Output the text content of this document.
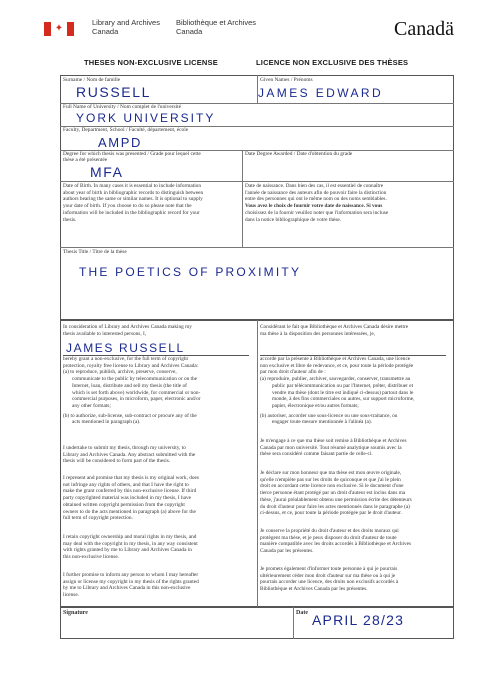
✦
Library and Archives
Canada
Bibliothèque et Archives
Canada	Canadä
THESES NON-EXCLUSIVE LICENSE	LICENCE NON EXCLUSIVE DES THÈSES
Surname / Nom de famille
RUSSELL
Given Names / Prénoms
JAMES EDWARD
Full Name of University / Nom complet de l'université
YORK UNIVERSITY
Faculty, Department, School / Faculté, département, école
AMPD
Degree for which thesis was presented / Grade pour lequel cette
thèse a été présentée
MFA
Date Degree Awarded / Date d'obtention du grade
Date of Birth. In many cases it is essential to include information
about year of birth in bibliographic records to distinguish between
authors bearing the same or similar names. It is optional to supply
your date of birth. If you choose to do so please note that the
information will be included in the bibliographic record for your
thesis.
Date de naissance. Dans bien des cas, il est essentiel de connaître
l'année de naissance des auteurs afin de pouvoir faire la distinction
entre des personnes qui ont le même nom ou des noms semblables.
Vous avez le choix de fournir votre date de naissance. Si vous
choisissez de la fournir veuillez noter que l'information sera incluse
dans la notice bibliographique de votre thèse.
Thesis Title / Titre de la thèse
THE POETICS OF PROXIMITY
In consideration of Library and Archives Canada making my
thesis available to interested persons, I,
JAMES RUSSELL
hereby grant a non-exclusive, for the full term of copyright
protection, royalty free license to Library and Archives Canada:
(a) to reproduce, publish, archive, preserve, conserve,
communicate to the public by telecommunication or on the
Internet, loan, distribute and sell my thesis (the title of
which is set forth above) worldwide, for commercial or non-
commercial purposes, in microform, paper, electronic and/or
any other formats;
(b) to authorize, sub-license, sub-contract or procure any of the
acts mentioned in paragraph (a).
I undertake to submit my thesis, through my university, to
Library and Archives Canada. Any abstract submitted with the
thesis will be considered to form part of the thesis.
I represent and promise that my thesis is my original work, does
not infringe any rights of others, and that I have the right to
make the grant conferred by this non-exclusive license. If third
party copyrighted material was included in my thesis, I have
obtained written copyright permission from the copyright
owners to do the acts mentioned in paragraph (a) above for the
full term of copyright protection.
I retain copyright ownership and moral rights in my thesis, and
may deal with the copyright in my thesis, in any way consistent
with rights granted by me to Library and Archives Canada in
this non-exclusive license.
I further promise to inform any person to whom I may hereafter
assign or license my copyright in my thesis of the rights granted
by me to Library and Archives Canada in this non-exclusive
license.
Considérant le fait que Bibliothèque et Archives Canada désire mettre
ma thèse à la disposition des personnes intéressées, je,
accorde par la présente à Bibliothèque et Archives Canada, une licence
non exclusive et libre de redevance, et ce, pour toute la période protégée
par mon droit d'auteur afin de :
(a) reproduire, publier, archiver, sauvegarder, conserver, transmettre au
public par télécommunication ou par l'Internet, prêter, distribuer et
vendre ma thèse (dont le titre est indiqué ci-dessus) partout dans le
monde, à des fins commerciales ou autres, sur support microforme,
papier, électronique et/ou autres formats;
(b) autoriser, accorder une sous-licence ou une sous-traitance, ou
engager toute mesure mentionnée à l'alinéa (a).
Je m'engage à ce que ma thèse soit remise à Bibliothèque et Archives
Canada par mon université. Tout résumé analytique soumis avec la
thèse sera considéré comme faisant partie de celle-ci.
Je déclare sur mon honneur que ma thèse est mon œuvre originale,
qu'elle n'empiète pas sur les droits de quiconque et que j'ai le plein
droit en accordant cette licence non exclusive. Si le document d'une
tierce personne étant protégé par un droit d'auteur est inclus dans ma
thèse, j'aurai préalablement obtenu une permission écrite des détenteurs
du droit d'auteur pour faire les actes mentionnés dans le paragraphe (a)
ci-dessus, et ce, pour toute la période protégée par le droit d'auteur.
Je conserve la propriété du droit d'auteur et des droits moraux qui
protègent ma thèse, et je peux disposer du droit d'auteur de toute
manière compatible avec les droits accordés à Bibliothèque et Archives
Canada par les présentes.
Je promets également d'informer toute personne à qui je pourrais
ultérieurement céder mon droit d'auteur sur ma thèse ou à qui je
pourrais accorder une licence, des droits non exclusifs accordés à
Bibliothèque et Archives Canada par les présentes.
Signature	Date APRIL 28/23
